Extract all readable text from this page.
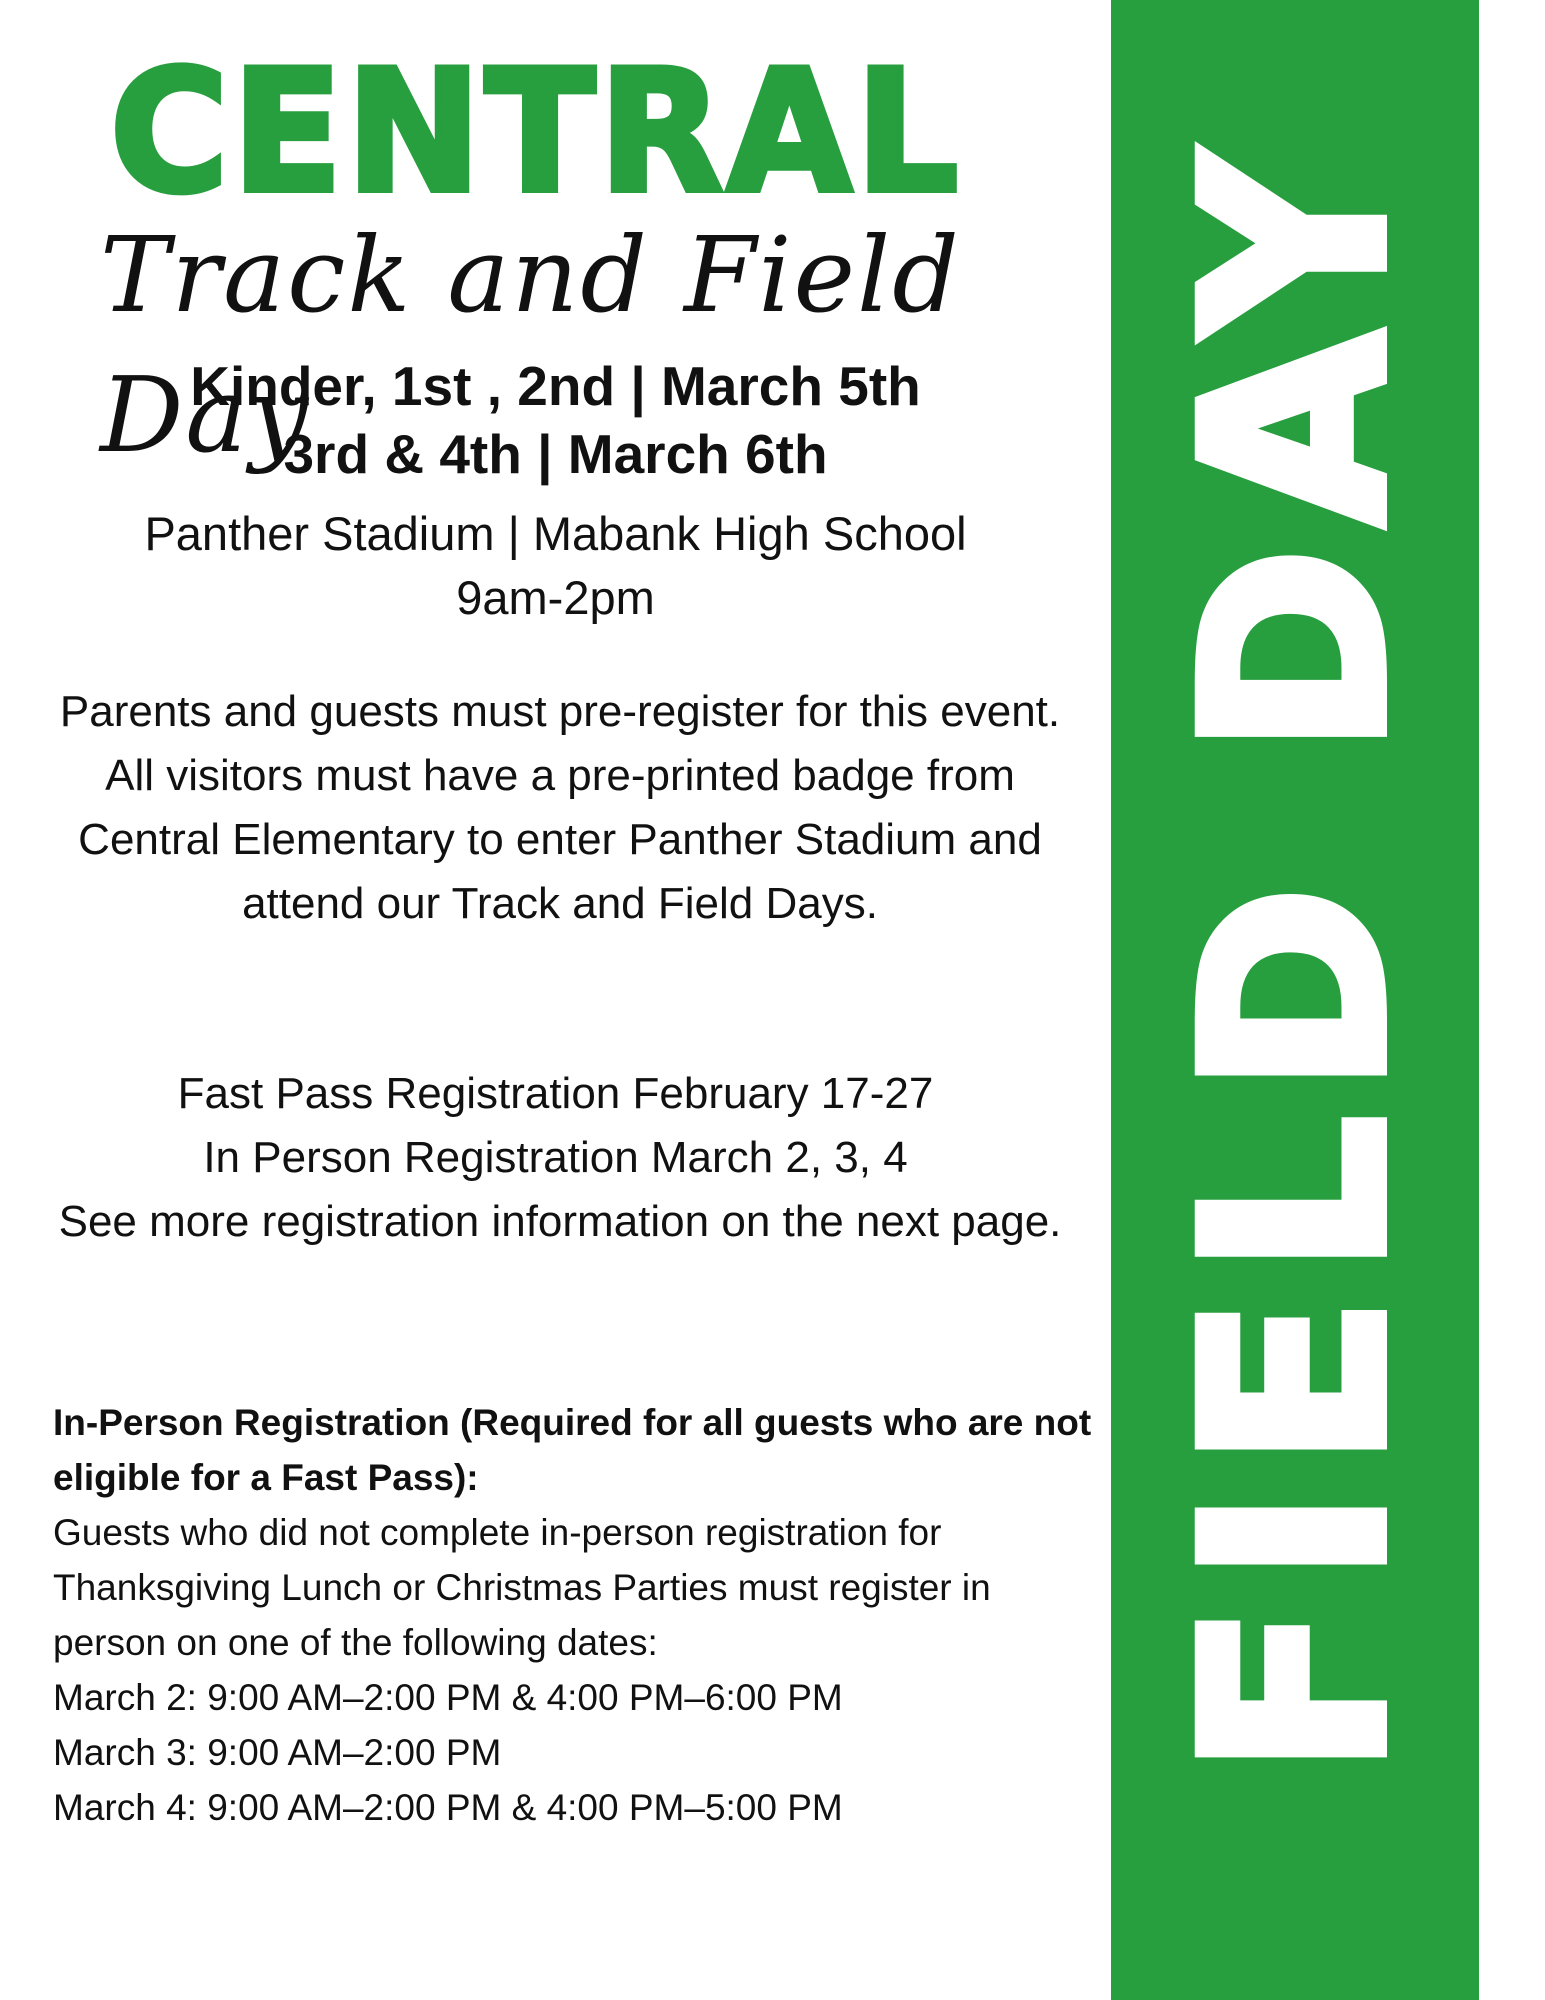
CENTRAL
Track and Field Day
Kinder, 1st , 2nd | March 5th
3rd & 4th | March 6th
Panther Stadium | Mabank High School
9am-2pm
Parents and guests must pre-register for this event. All visitors must have a pre-printed badge from Central Elementary to enter Panther Stadium and attend our Track and Field Days.
Fast Pass Registration February 17-27
In Person Registration March 2, 3, 4
See more registration information on the next page.
In-Person Registration (Required for all guests who are not eligible for a Fast Pass):
Guests who did not complete in-person registration for Thanksgiving Lunch or Christmas Parties must register in person on one of the following dates:
March 2: 9:00 AM–2:00 PM & 4:00 PM–6:00 PM
March 3: 9:00 AM–2:00 PM
March 4: 9:00 AM–2:00 PM & 4:00 PM–5:00 PM
FIELD DAY
